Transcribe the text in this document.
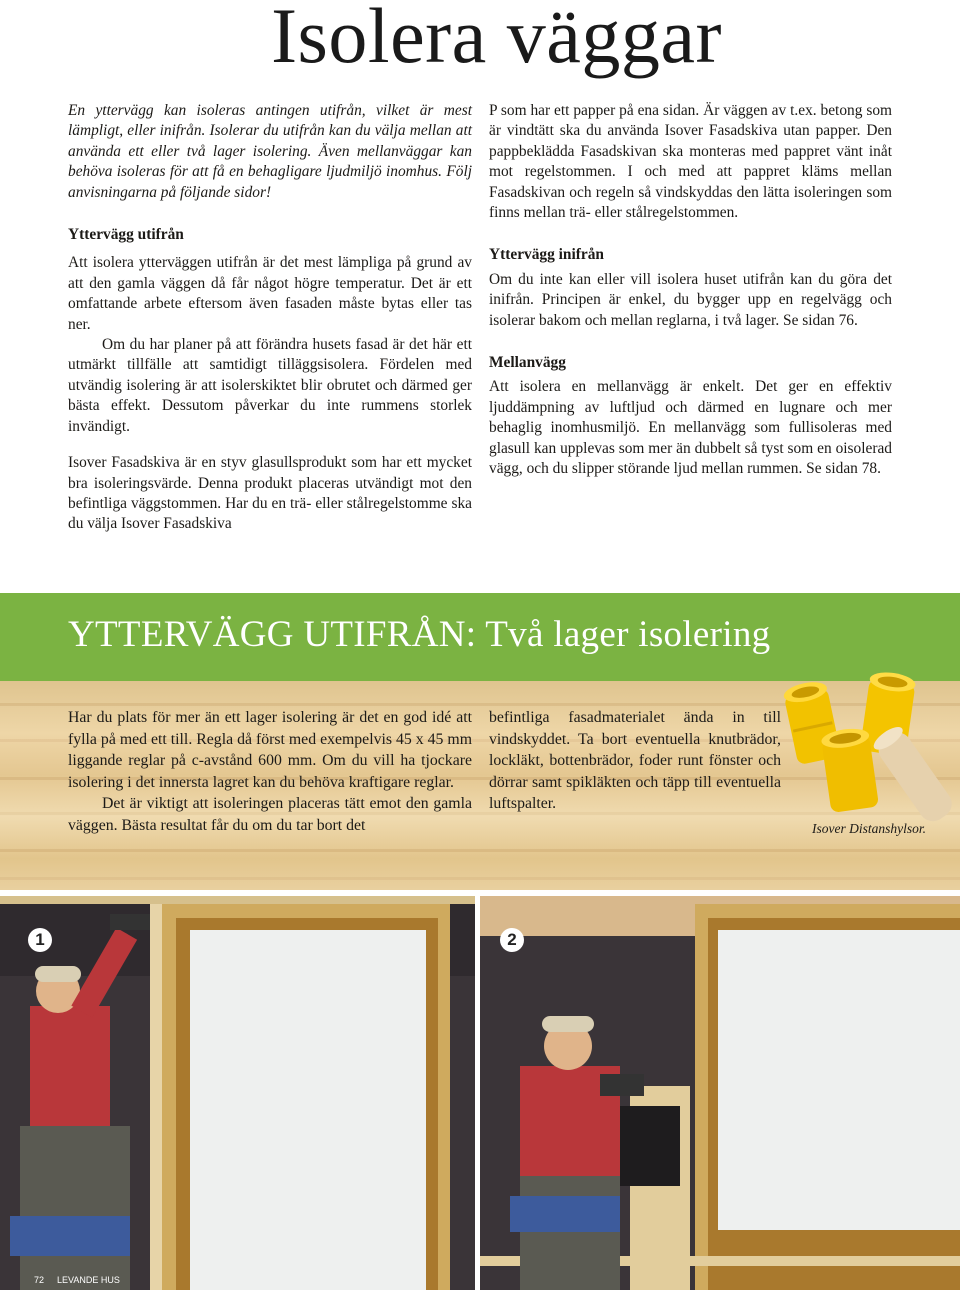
Isolera väggar

En yttervägg kan isoleras antingen utifrån, vilket är mest lämpligt, eller inifrån. Isolerar du utifrån kan du välja mellan att använda ett eller två lager isolering. Även mellanväggar kan behöva isoleras för att få en behagligare ljudmiljö inomhus. Följ anvisningarna på följande sidor!

Yttervägg utifrån

Att isolera ytterväggen utifrån är det mest lämpliga på grund av att den gamla väggen då får något högre temperatur. Det är ett omfattande arbete eftersom även fasaden måste bytas eller tas ner.

Om du har planer på att förändra husets fasad är det här ett utmärkt tillfälle att samtidigt tilläggsisolera. Fördelen med utvändig isolering är att isolerskiktet blir obrutet och därmed ger bästa effekt. Dessutom påverkar du inte rummens storlek invändigt.

Isover Fasadskiva är en styv glasullsprodukt som har ett mycket bra isoleringsvärde. Denna produkt placeras utvändigt mot den befintliga väggstommen. Har du en trä- eller stålregelstomme ska du välja Isover Fasadskiva

P som har ett papper på ena sidan. Är väggen av t.ex. betong som är vindtätt ska du använda Isover Fasadskiva utan papper. Den pappbeklädda Fasadskivan ska monteras med pappret vänt inåt mot regelstommen. I och med att pappret kläms mellan Fasadskivan och regeln så vindskyddas den lätta isoleringen som finns mellan trä- eller stålregelstommen.

Yttervägg inifrån

Om du inte kan eller vill isolera huset utifrån kan du göra det inifrån. Principen är enkel, du bygger upp en regelvägg och isolerar bakom och mellan reglarna, i två lager. Se sidan 76.

Mellanvägg

Att isolera en mellanvägg är enkelt. Det ger en effektiv ljuddämpning av luftljud och därmed en lugnare och mer behaglig inomhusmiljö. En mellanvägg som fullisoleras med glasull kan upplevas som mer än dubbelt så tyst som en oisolerad vägg, och du slipper störande ljud mellan rummen. Se sidan 78.

YTTERVÄGG UTIFRÅN: Två lager isolering

Har du plats för mer än ett lager isolering är det en god idé att fylla på med ett till. Regla då först med exempelvis 45 x 45 mm liggande reglar på c-avstånd 600 mm. Om du vill ha tjockare isolering i det innersta lagret kan du behöva kraftigare reglar.

Det är viktigt att isoleringen placeras tätt emot den gamla väggen. Bästa resultat får du om du tar bort det

befintliga fasadmaterialet ända in till vindskyddet. Ta bort eventuella knutbrädor, lockläkt, bottenbrädor, foder runt fönster och dörrar samt spikläkten och täpp till eventuella luftspalter.

Isover Distanshylsor.
1	2
72 LEVANDE HUS
